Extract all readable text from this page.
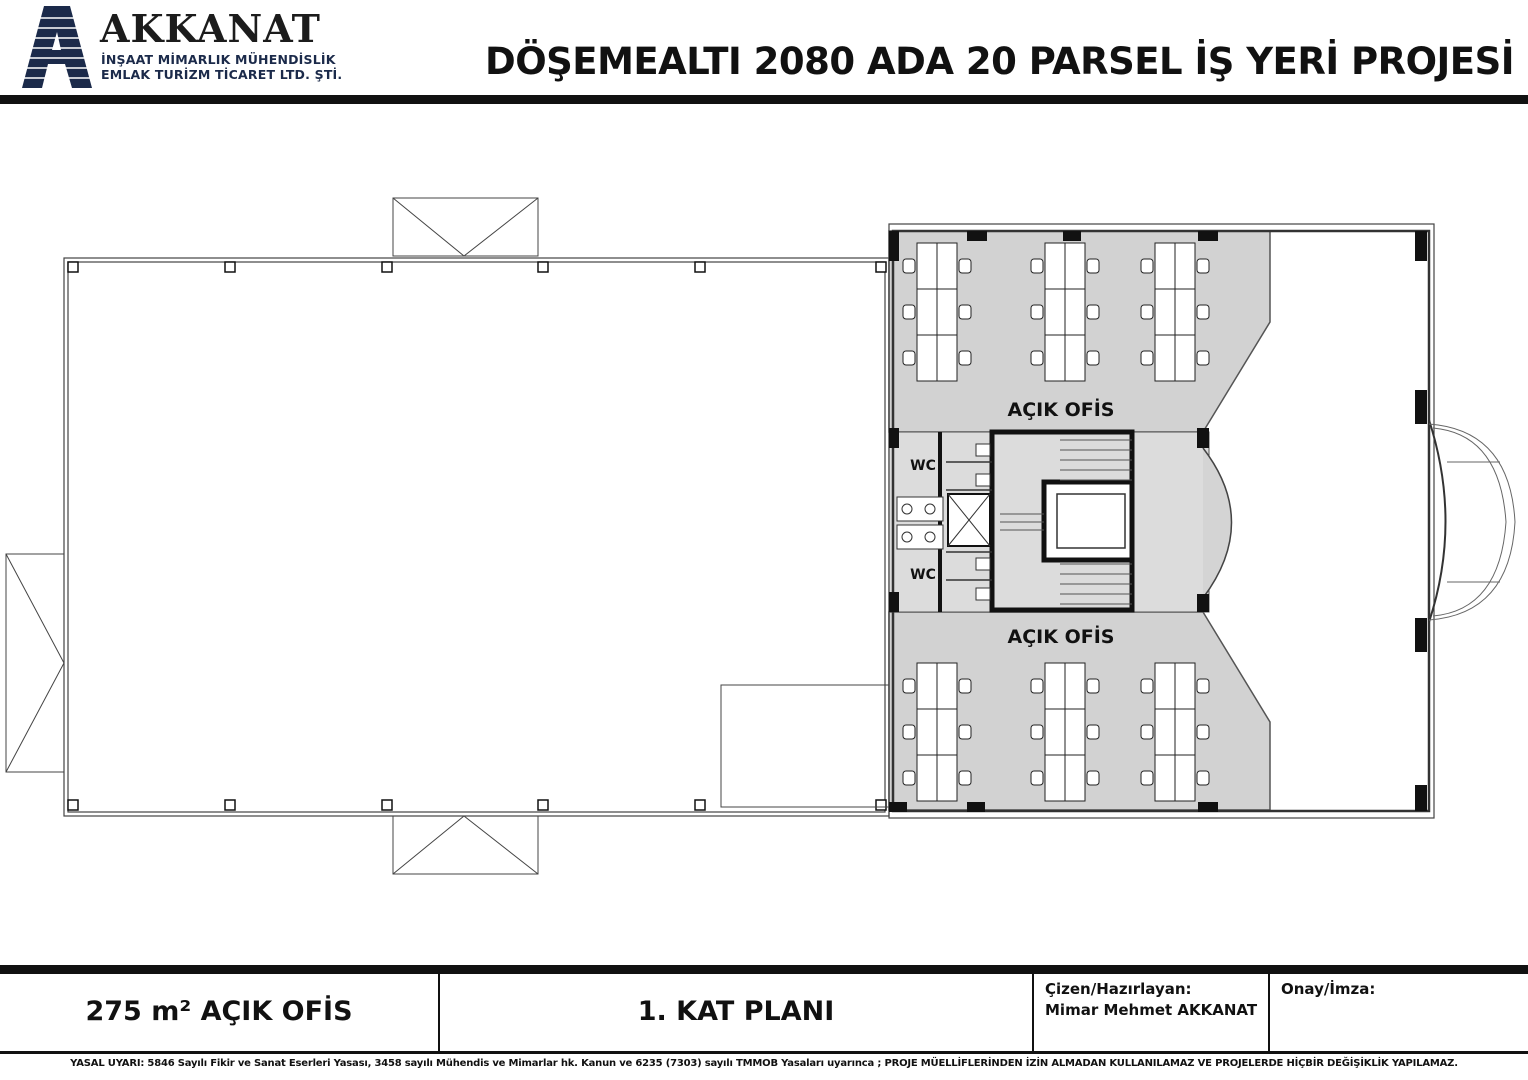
AKKANAT
İNŞAAT MİMARLIK MÜHENDİSLİK
EMLAK TURİZM TİCARET LTD. ŞTİ.	DÖŞEMEALTI 2080 ADA 20 PARSEL İŞ YERİ PROJESİ
AÇIK OFİS
AÇIK OFİS
WC
WC
275 m² AÇIK OFİS	1. KAT PLANI
Çizen/Hazırlayan:
Mimar Mehmet AKKANAT
Onay/İmza:
YASAL UYARI: 5846 Sayılı Fikir ve Sanat Eserleri Yasası, 3458 sayılı Mühendis ve Mimarlar hk. Kanun ve 6235 (7303) sayılı TMMOB Yasaları uyarınca ; PROJE MÜELLİFLERİNDEN İZİN ALMADAN KULLANILAMAZ VE PROJELERDE HİÇBİR DEĞİŞİKLİK YAPILAMAZ.
